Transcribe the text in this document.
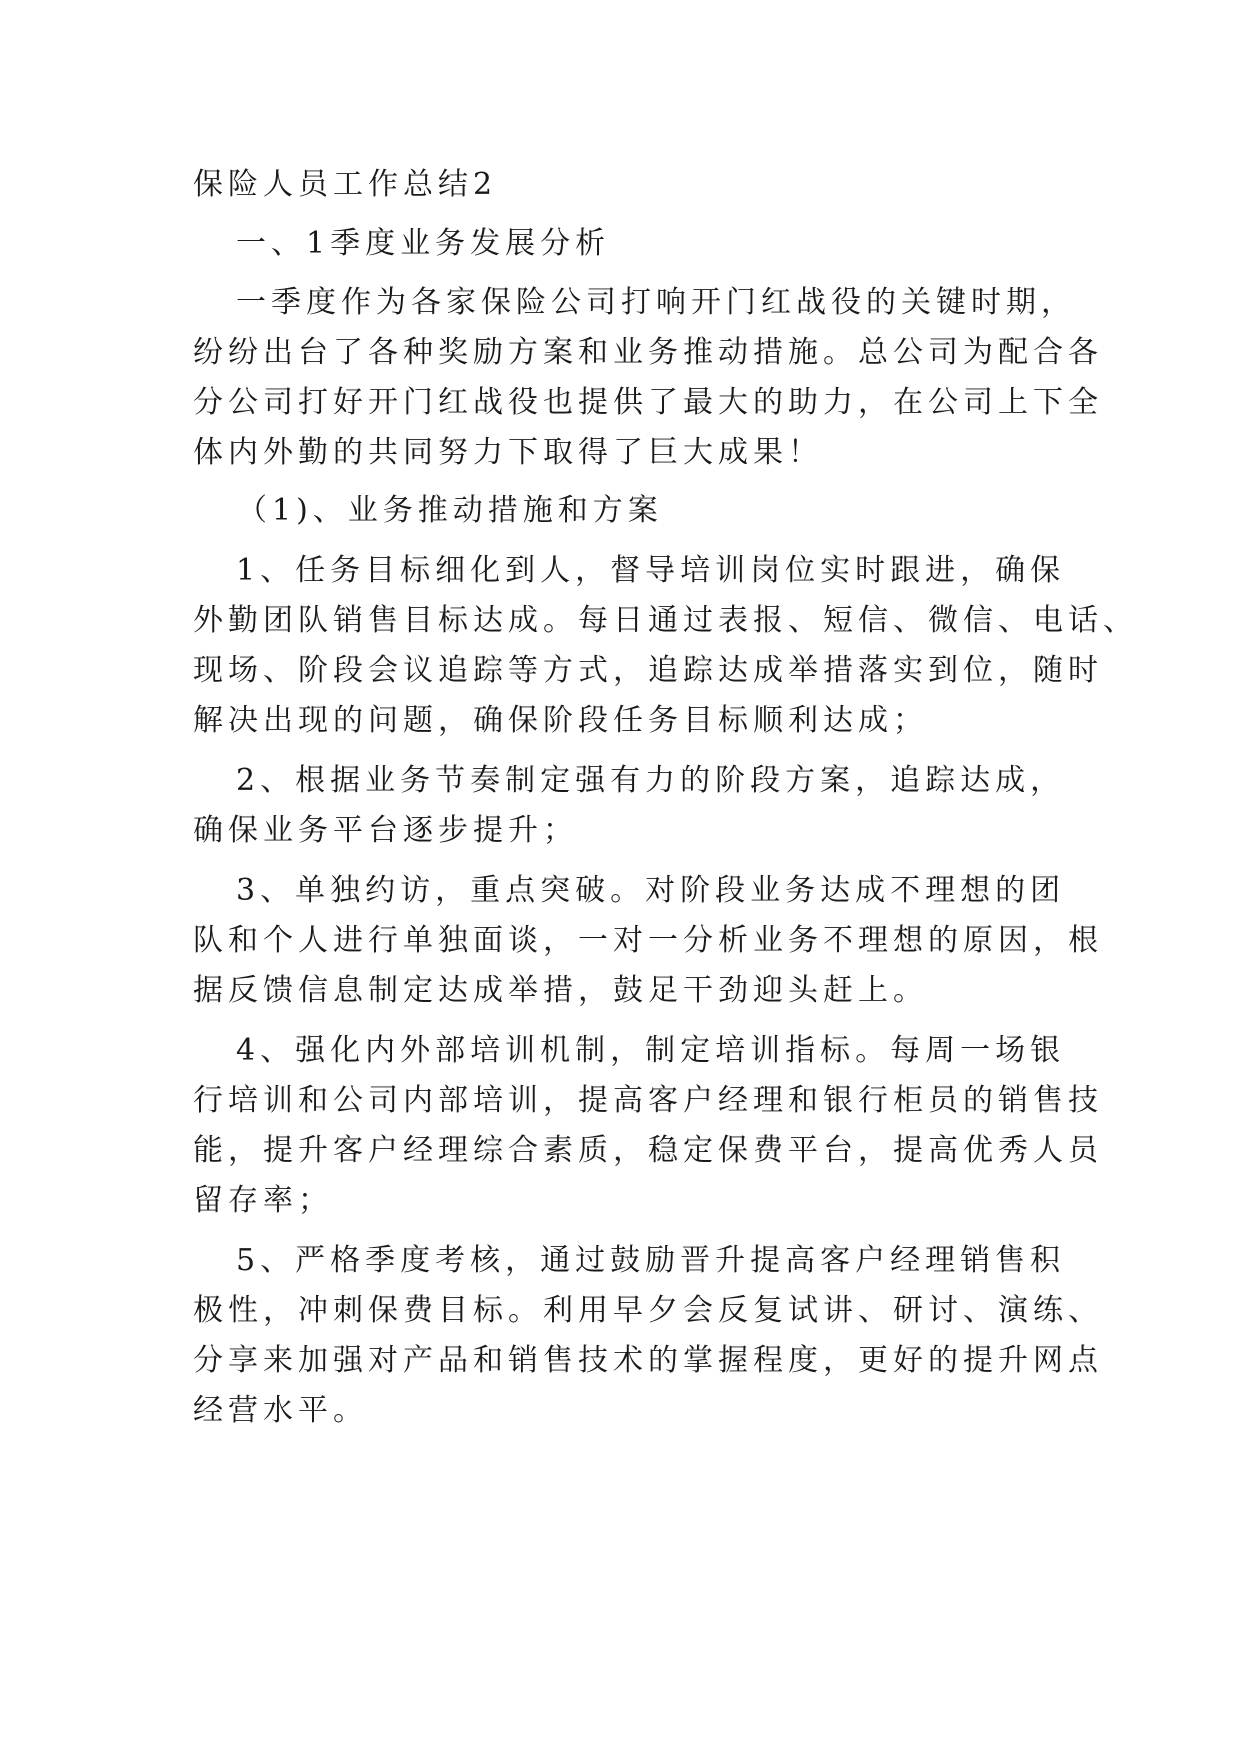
保险人员工作总结2
一、1季度业务发展分析
一季度作为各家保险公司打响开门红战役的关键时期，
纷纷出台了各种奖励方案和业务推动措施。总公司为配合各
分公司打好开门红战役也提供了最大的助力，在公司上下全
体内外勤的共同努力下取得了巨大成果！
（1)、业务推动措施和方案
1、任务目标细化到人，督导培训岗位实时跟进，确保
外勤团队销售目标达成。每日通过表报、短信、微信、电话、
现场、阶段会议追踪等方式，追踪达成举措落实到位，随时
解决出现的问题，确保阶段任务目标顺利达成；
2、根据业务节奏制定强有力的阶段方案，追踪达成，
确保业务平台逐步提升；
3、单独约访，重点突破。对阶段业务达成不理想的团
队和个人进行单独面谈，一对一分析业务不理想的原因，根
据反馈信息制定达成举措，鼓足干劲迎头赶上。
4、强化内外部培训机制，制定培训指标。每周一场银
行培训和公司内部培训，提高客户经理和银行柜员的销售技
能，提升客户经理综合素质，稳定保费平台，提高优秀人员
留存率；
5、严格季度考核，通过鼓励晋升提高客户经理销售积
极性，冲刺保费目标。利用早夕会反复试讲、研讨、演练、
分享来加强对产品和销售技术的掌握程度，更好的提升网点
经营水平。
